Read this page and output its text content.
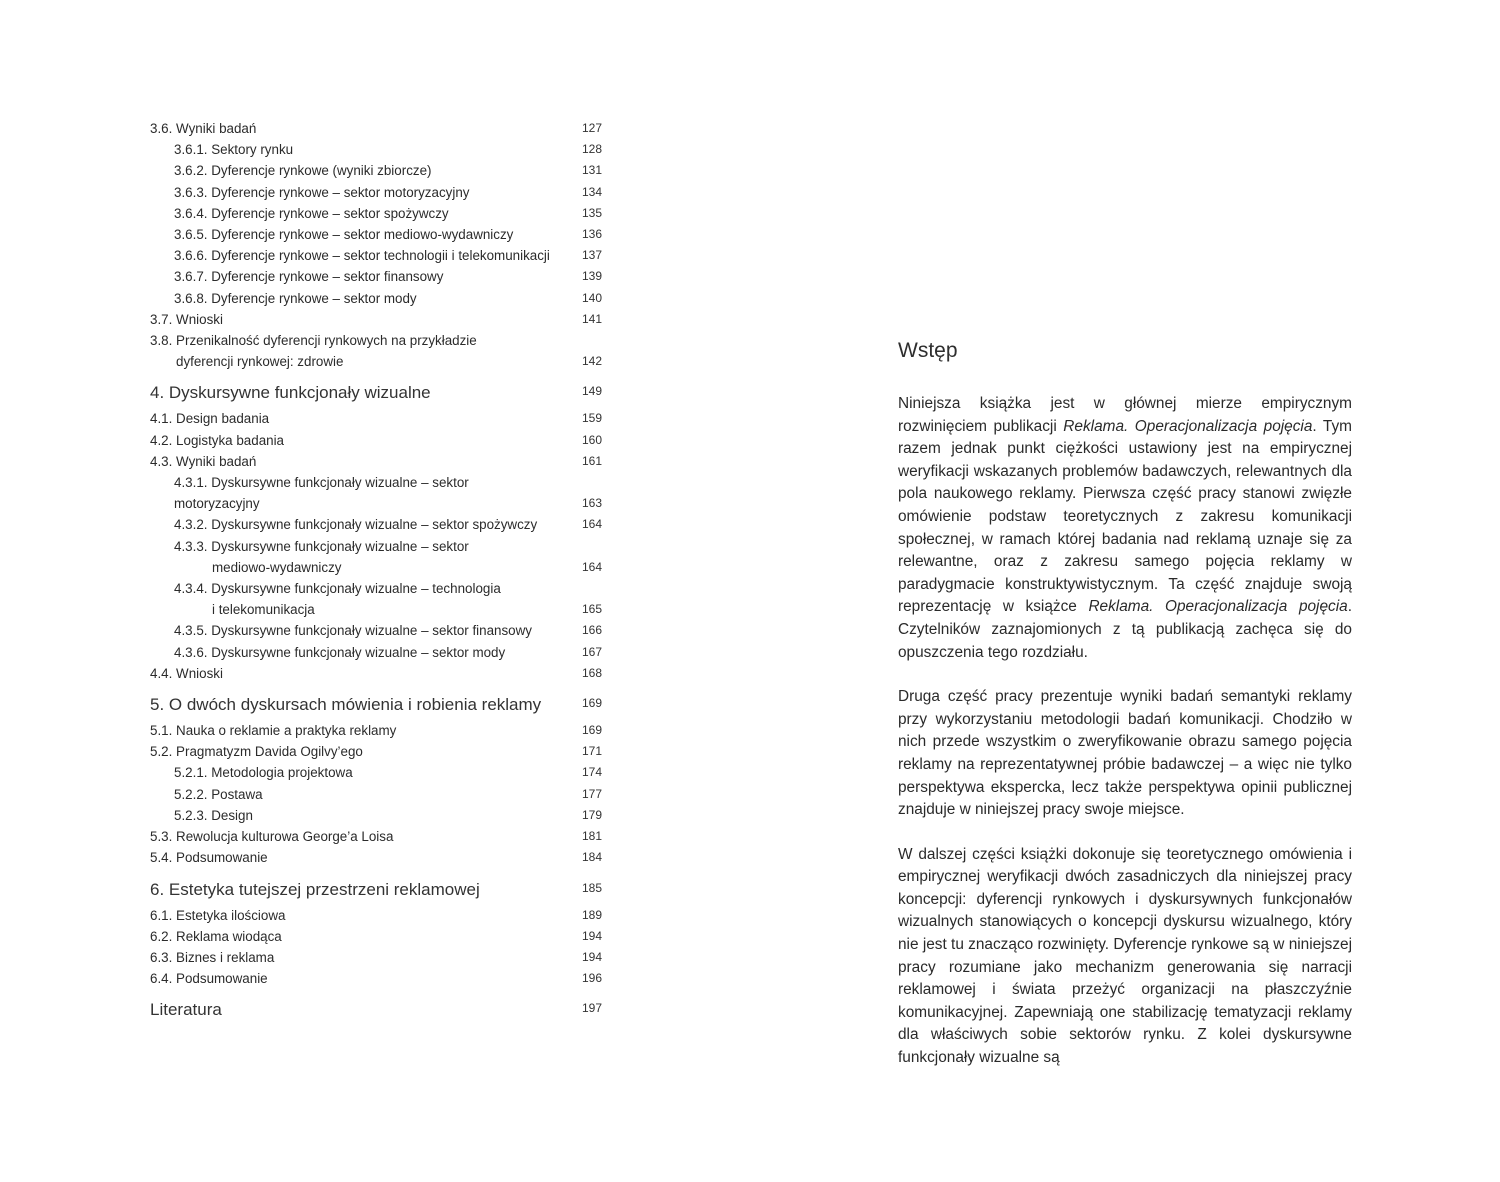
3.6. Wyniki badań	127
3.6.1. Sektory rynku	128
3.6.2. Dyferencje rynkowe (wyniki zbiorcze)	131
3.6.3. Dyferencje rynkowe – sektor motoryzacyjny	134
3.6.4. Dyferencje rynkowe – sektor spożywczy	135
3.6.5. Dyferencje rynkowe – sektor mediowo-wydawniczy	136
3.6.6. Dyferencje rynkowe – sektor technologii i telekomunikacji	137
3.6.7. Dyferencje rynkowe – sektor finansowy	139
3.6.8. Dyferencje rynkowe – sektor mody	140
3.7. Wnioski	141
3.8. Przenikalność dyferencji rynkowych na przykładzie
dyferencji rynkowej: zdrowie	142
4. Dyskursywne funkcjonały wizualne	149
4.1. Design badania	159
4.2. Logistyka badania	160
4.3. Wyniki badań	161
4.3.1. Dyskursywne funkcjonały wizualne – sektor motoryzacyjny	163
4.3.2. Dyskursywne funkcjonały wizualne – sektor spożywczy	164
4.3.3. Dyskursywne funkcjonały wizualne – sektor
mediowo-wydawniczy	164
4.3.4. Dyskursywne funkcjonały wizualne – technologia
i telekomunikacja	165
4.3.5. Dyskursywne funkcjonały wizualne – sektor finansowy	166
4.3.6. Dyskursywne funkcjonały wizualne – sektor mody	167
4.4. Wnioski	168
5. O dwóch dyskursach mówienia i robienia reklamy	169
5.1. Nauka o reklamie a praktyka reklamy	169
5.2. Pragmatyzm Davida Ogilvy’ego	171
5.2.1. Metodologia projektowa	174
5.2.2. Postawa	177
5.2.3. Design	179
5.3. Rewolucja kulturowa George’a Loisa	181
5.4. Podsumowanie	184
6. Estetyka tutejszej przestrzeni reklamowej	185
6.1. Estetyka ilościowa	189
6.2. Reklama wiodąca	194
6.3. Biznes i reklama	194
6.4. Podsumowanie	196
Literatura	197
Wstęp

Niniejsza książka jest w głównej mierze empirycznym rozwinięciem publikacji Reklama. Operacjonalizacja pojęcia. Tym razem jednak punkt ciężkości ustawiony jest na empirycznej weryfikacji wskazanych problemów badawczych, relewantnych dla pola naukowego reklamy. Pierwsza część pracy stanowi zwięzłe omówienie podstaw teoretycznych z zakresu komunikacji społecznej, w ramach której badania nad reklamą uznaje się za relewantne, oraz z zakresu samego pojęcia reklamy w paradygmacie konstruktywistycznym. Ta część znajduje swoją reprezentację w książce Reklama. Operacjonalizacja pojęcia. Czytelników zaznajomionych z tą publikacją zachęca się do opuszczenia tego rozdziału.

Druga część pracy prezentuje wyniki badań semantyki reklamy przy wykorzystaniu metodologii badań komunikacji. Chodziło w nich przede wszystkim o zweryfikowanie obrazu samego pojęcia reklamy na reprezentatywnej próbie badawczej – a więc nie tylko perspektywa ekspercka, lecz także perspektywa opinii publicznej znajduje w niniejszej pracy swoje miejsce.

W dalszej części książki dokonuje się teoretycznego omówienia i empirycznej weryfikacji dwóch zasadniczych dla niniejszej pracy koncepcji: dyferencji rynkowych i dyskursywnych funkcjonałów wizualnych stanowiących o koncepcji dyskursu wizualnego, który nie jest tu znacząco rozwinięty. Dyferencje rynkowe są w niniejszej pracy rozumiane jako mechanizm generowania się narracji reklamowej i świata przeżyć organizacji na płaszczyźnie komunikacyjnej. Zapewniają one stabilizację tematyzacji reklamy dla właściwych sobie sektorów rynku. Z kolei dyskursywne funkcjonały wizualne są
